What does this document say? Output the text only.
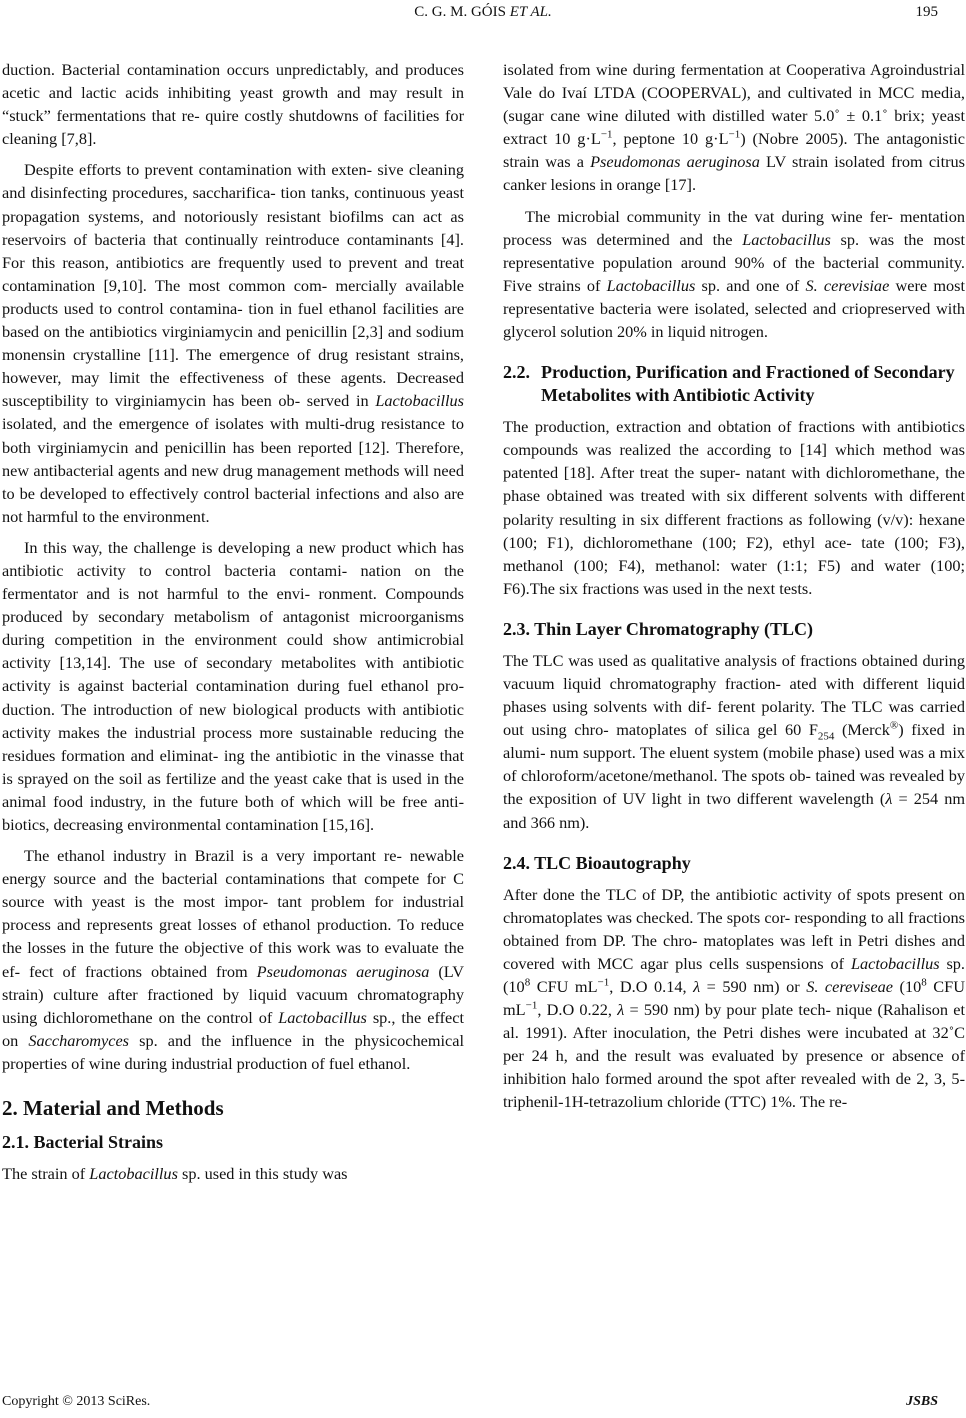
C. G. M. GÓIS ET AL.	195

duction. Bacterial contamination occurs unpredictably, and produces acetic and lactic acids inhibiting yeast growth and may result in “stuck” fermentations that re- quire costly shutdowns of facilities for cleaning [7,8].

Despite efforts to prevent contamination with exten- sive cleaning and disinfecting procedures, saccharifica- tion tanks, continuous yeast propagation systems, and notoriously resistant biofilms can act as reservoirs of bacteria that continually reintroduce contaminants [4]. For this reason, antibiotics are frequently used to prevent and treat contamination [9,10]. The most common com- mercially available products used to control contamina- tion in fuel ethanol facilities are based on the antibiotics virginiamycin and penicillin [2,3] and sodium monensin crystalline [11]. The emergence of drug resistant strains, however, may limit the effectiveness of these agents. Decreased susceptibility to virginiamycin has been ob- served in Lactobacillus isolated, and the emergence of isolates with multi-drug resistance to both virginiamycin and penicillin has been reported [12]. Therefore, new antibacterial agents and new drug management methods will need to be developed to effectively control bacterial infections and also are not harmful to the environment.

In this way, the challenge is developing a new product which has antibiotic activity to control bacteria contami- nation on the fermentator and is not harmful to the envi- ronment. Compounds produced by secondary metabolism of antagonist microorganisms during competition in the environment could show antimicrobial activity [13,14]. The use of secondary metabolites with antibiotic activity is against bacterial contamination during fuel ethanol pro- duction. The introduction of new biological products with antibiotic activity makes the industrial process more sustainable reducing the residues formation and eliminat- ing the antibiotic in the vinasse that is sprayed on the soil as fertilize and the yeast cake that is used in the animal food industry, in the future both of which will be free anti- biotics, decreasing environmental contamination [15,16].

The ethanol industry in Brazil is a very important re- newable energy source and the bacterial contaminations that compete for C source with yeast is the most impor- tant problem for industrial process and represents great losses of ethanol production. To reduce the losses in the future the objective of this work was to evaluate the ef- fect of fractions obtained from Pseudomonas aeruginosa (LV strain) culture after fractioned by liquid vacuum chromatography using dichloromethane on the control of Lactobacillus sp., the effect on Saccharomyces sp. and the influence in the physicochemical properties of wine during industrial production of fuel ethanol.

2. Material and Methods
2.1. Bacterial Strains

The strain of Lactobacillus sp. used in this study was

isolated from wine during fermentation at Cooperativa Agroindustrial Vale do Ivaí LTDA (COOPERVAL), and cultivated in MCC media, (sugar cane wine diluted with distilled water 5.0˚ ± 0.1˚ brix; yeast extract 10 $g\cdot L^{-1}$, peptone 10 $g\cdot L^{-1}$) (Nobre 2005). The antagonistic strain was a Pseudomonas aeruginosa LV strain isolated from citrus canker lesions in orange [17].

The microbial community in the vat during wine fer- mentation process was determined and the Lactobacillus sp. was the most representative population around 90% of the bacterial community. Five strains of Lactobacillus sp. and one of S. cerevisiae were most representative bacteria were isolated, selected and criopreserved with glycerol solution 20% in liquid nitrogen.

2.2. Production, Purification and Fractioned of Secondary Metabolites with Antibiotic Activity

The production, extraction and obtation of fractions with antibiotics compounds was realized the according to [14] which method was patented [18]. After treat the super- natant with dichloromethane, the phase obtained was treated with six different solvents with different polarity resulting in six different fractions as following (v/v): hexane (100; F1), dichloromethane (100; F2), ethyl ace- tate (100; F3), methanol (100; F4), methanol: water (1:1; F5) and water (100; F6).The six fractions was used in the next tests.

2.3. Thin Layer Chromatography (TLC)

The TLC was used as qualitative analysis of fractions obtained during vacuum liquid chromatography fraction- ated with different liquid phases using solvents with dif- ferent polarity. The TLC was carried out using chro- matoplates of silica gel 60 $F_{254}$ (Merck®) fixed in alumi- num support. The eluent system (mobile phase) used was a mix of chloroform/acetone/methanol. The spots ob- tained was revealed by the exposition of UV light in two different wavelength (λ = 254 nm and 366 nm).

2.4. TLC Bioautography

After done the TLC of DP, the antibiotic activity of spots present on chromatoplates was checked. The spots cor- responding to all fractions obtained from DP. The chro- matoplates was left in Petri dishes and covered with MCC agar plus cells suspensions of Lactobacillus sp. ($10^8$ CFU $mL^{-1}$, D.O 0.14, λ = 590 nm) or S. cereviseae ($10^8$ CFU $mL^{-1}$, D.O 0.22, λ = 590 nm) by pour plate tech- nique (Rahalison et al. 1991). After inoculation, the Petri dishes were incubated at 32˚C per 24 h, and the result was evaluated by presence or absence of inhibition halo formed around the spot after revealed with de 2, 3, 5-triphenil-1H-tetrazolium chloride (TTC) 1%. The re-

Copyright © 2013 SciRes.	JSBS
